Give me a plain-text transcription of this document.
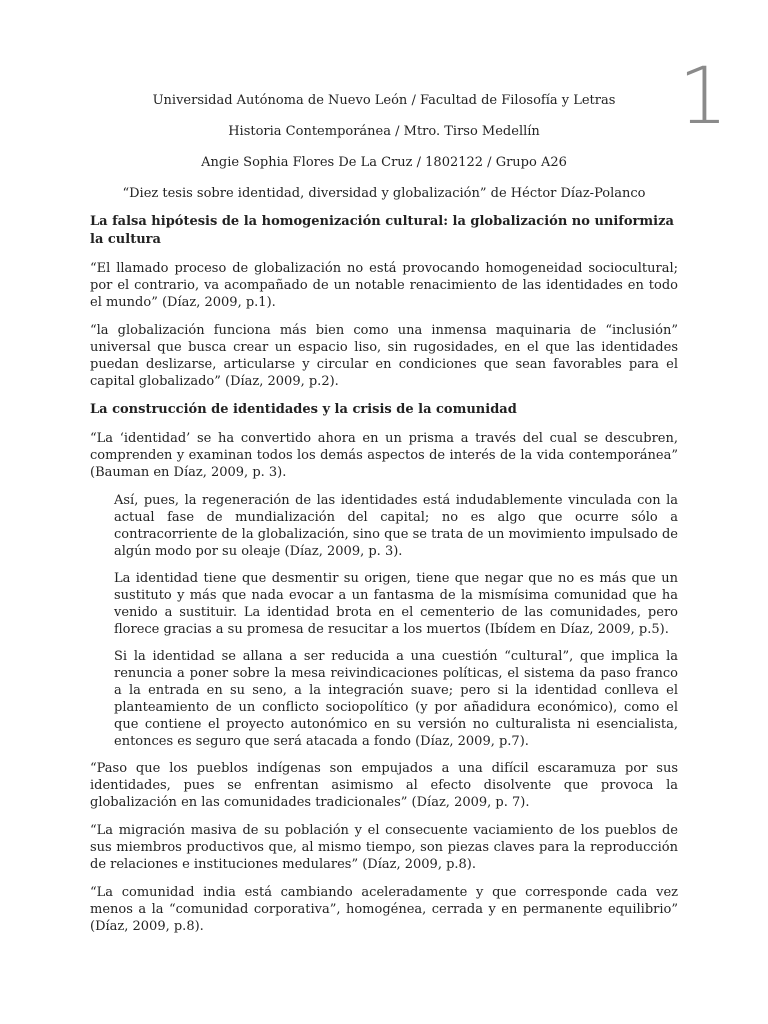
1
Universidad Autónoma de Nuevo León / Facultad de Filosofía y Letras
Historia Contemporánea / Mtro. Tirso Medellín
Angie Sophia Flores De La Cruz / 1802122 / Grupo A26
“Diez tesis sobre identidad, diversidad y globalización” de Héctor Díaz-Polanco
La falsa hipótesis de la homogenización cultural: la globalización no uniformiza la cultura

“El llamado proceso de globalización no está provocando homogeneidad sociocultural; por el contrario, va acompañado de un notable renacimiento de las identidades en todo el mundo” (Díaz, 2009, p.1).

“la globalización funciona más bien como una inmensa maquinaria de “inclusión” universal que busca crear un espacio liso, sin rugosidades, en el que las identidades puedan deslizarse, articularse y circular en condiciones que sean favorables para el capital globalizado” (Díaz, 2009, p.2).

La construcción de identidades y la crisis de la comunidad

“La ‘identidad’ se ha convertido ahora en un prisma a través del cual se descubren, comprenden y examinan todos los demás aspectos de interés de la vida contemporánea” (Bauman en Díaz, 2009, p. 3).

Así, pues, la regeneración de las identidades está indudablemente vinculada con la actual fase de mundialización del capital; no es algo que ocurre sólo a contracorriente de la globalización, sino que se trata de un movimiento impulsado de algún modo por su oleaje (Díaz, 2009, p. 3).

La identidad tiene que desmentir su origen, tiene que negar que no es más que un sustituto y más que nada evocar a un fantasma de la mismísima comunidad que ha venido a sustituir. La identidad brota en el cementerio de las comunidades, pero florece gracias a su promesa de resucitar a los muertos (Ibídem en Díaz, 2009, p.5).

Si la identidad se allana a ser reducida a una cuestión “cultural”, que implica la renuncia a poner sobre la mesa reivindicaciones políticas, el sistema da paso franco a la entrada en su seno, a la integración suave; pero si la identidad conlleva el planteamiento de un conflicto sociopolítico (y por añadidura económico), como el que contiene el proyecto autonómico en su versión no culturalista ni esencialista, entonces es seguro que será atacada a fondo (Díaz, 2009, p.7).

“Paso que los pueblos indígenas son empujados a una difícil escaramuza por sus identidades, pues se enfrentan asimismo al efecto disolvente que provoca la globalización en las comunidades tradicionales” (Díaz, 2009, p. 7).

“La migración masiva de su población y el consecuente vaciamiento de los pueblos de sus miembros productivos que, al mismo tiempo, son piezas claves para la reproducción de relaciones e instituciones medulares” (Díaz, 2009, p.8).

“La comunidad india está cambiando aceleradamente y que corresponde cada vez menos a la “comunidad corporativa”, homogénea, cerrada y en permanente equilibrio” (Díaz, 2009, p.8).
